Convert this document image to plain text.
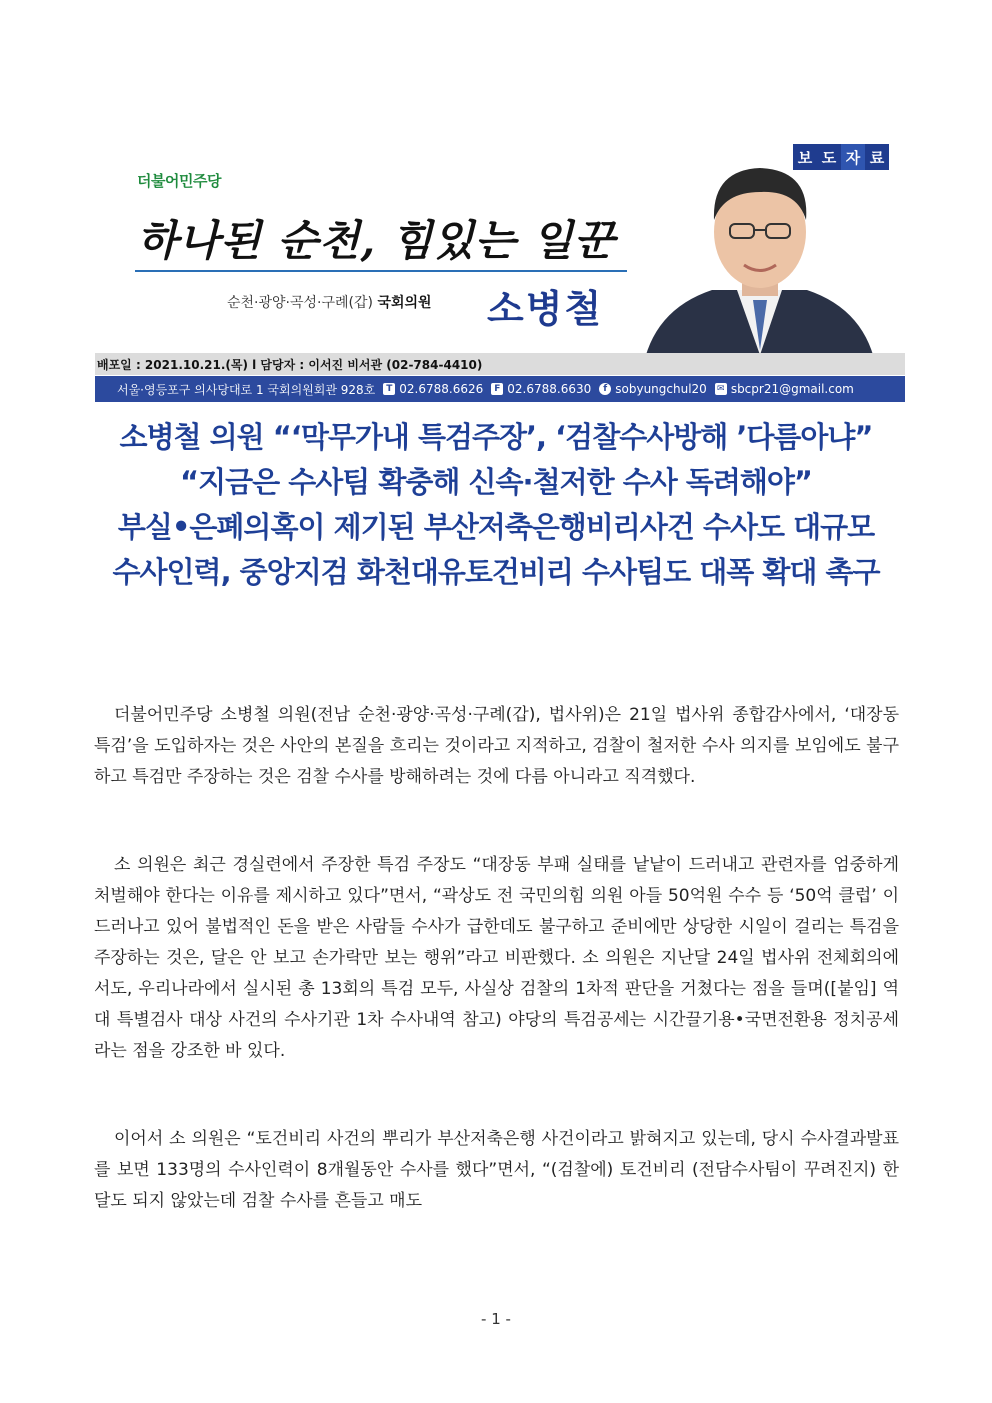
보 도 자 료
더불어민주당
하나된 순천, 힘있는 일꾼
순천·광양·곡성·구례(갑) 국회의원 소병철
배포일 : 2021.10.21.(목) l 담당자 : 이서진 비서관 (02-784-4410)
서울·영등포구 의사당대로 1 국회의원회관 928호	T 02.6788.6626	F 02.6788.6630	f sobyungchul20 ✉ sbcpr21@gmail.com
소병철 의원 “‘막무가내 특검주장’, ‘검찰수사방해 ’다름아냐”
“지금은 수사팀 확충해 신속·철저한 수사 독려해야”
부실•은폐의혹이 제기된 부산저축은행비리사건 수사도 대규모
수사인력, 중앙지검 화천대유토건비리 수사팀도 대폭 확대 촉구

더불어민주당 소병철 의원(전남 순천·광양·곡성·구례(갑), 법사위)은 21일 법사위 종합감사에서, ‘대장동 특검’을 도입하자는 것은 사안의 본질을 흐리는 것이라고 지적하고, 검찰이 철저한 수사 의지를 보임에도 불구하고 특검만 주장하는 것은 검찰 수사를 방해하려는 것에 다름 아니라고 직격했다.

소 의원은 최근 경실련에서 주장한 특검 주장도 “대장동 부패 실태를 낱낱이 드러내고 관련자를 엄중하게 처벌해야 한다는 이유를 제시하고 있다”면서, “곽상도 전 국민의힘 의원 아들 50억원 수수 등 ‘50억 클럽’ 이 드러나고 있어 불법적인 돈을 받은 사람들 수사가 급한데도 불구하고 준비에만 상당한 시일이 걸리는 특검을 주장하는 것은, 달은 안 보고 손가락만 보는 행위”라고 비판했다. 소 의원은 지난달 24일 법사위 전체회의에서도, 우리나라에서 실시된 총 13회의 특검 모두, 사실상 검찰의 1차적 판단을 거쳤다는 점을 들며([붙임] 역대 특별검사 대상 사건의 수사기관 1차 수사내역 참고) 야당의 특검공세는 시간끌기용•국면전환용 정치공세라는 점을 강조한 바 있다.

이어서 소 의원은 “토건비리 사건의 뿌리가 부산저축은행 사건이라고 밝혀지고 있는데, 당시 수사결과발표를 보면 133명의 수사인력이 8개월동안 수사를 했다”면서, “(검찰에) 토건비리 (전담수사팀이 꾸려진지) 한 달도 되지 않았는데 검찰 수사를 흔들고 매도

- 1 -
